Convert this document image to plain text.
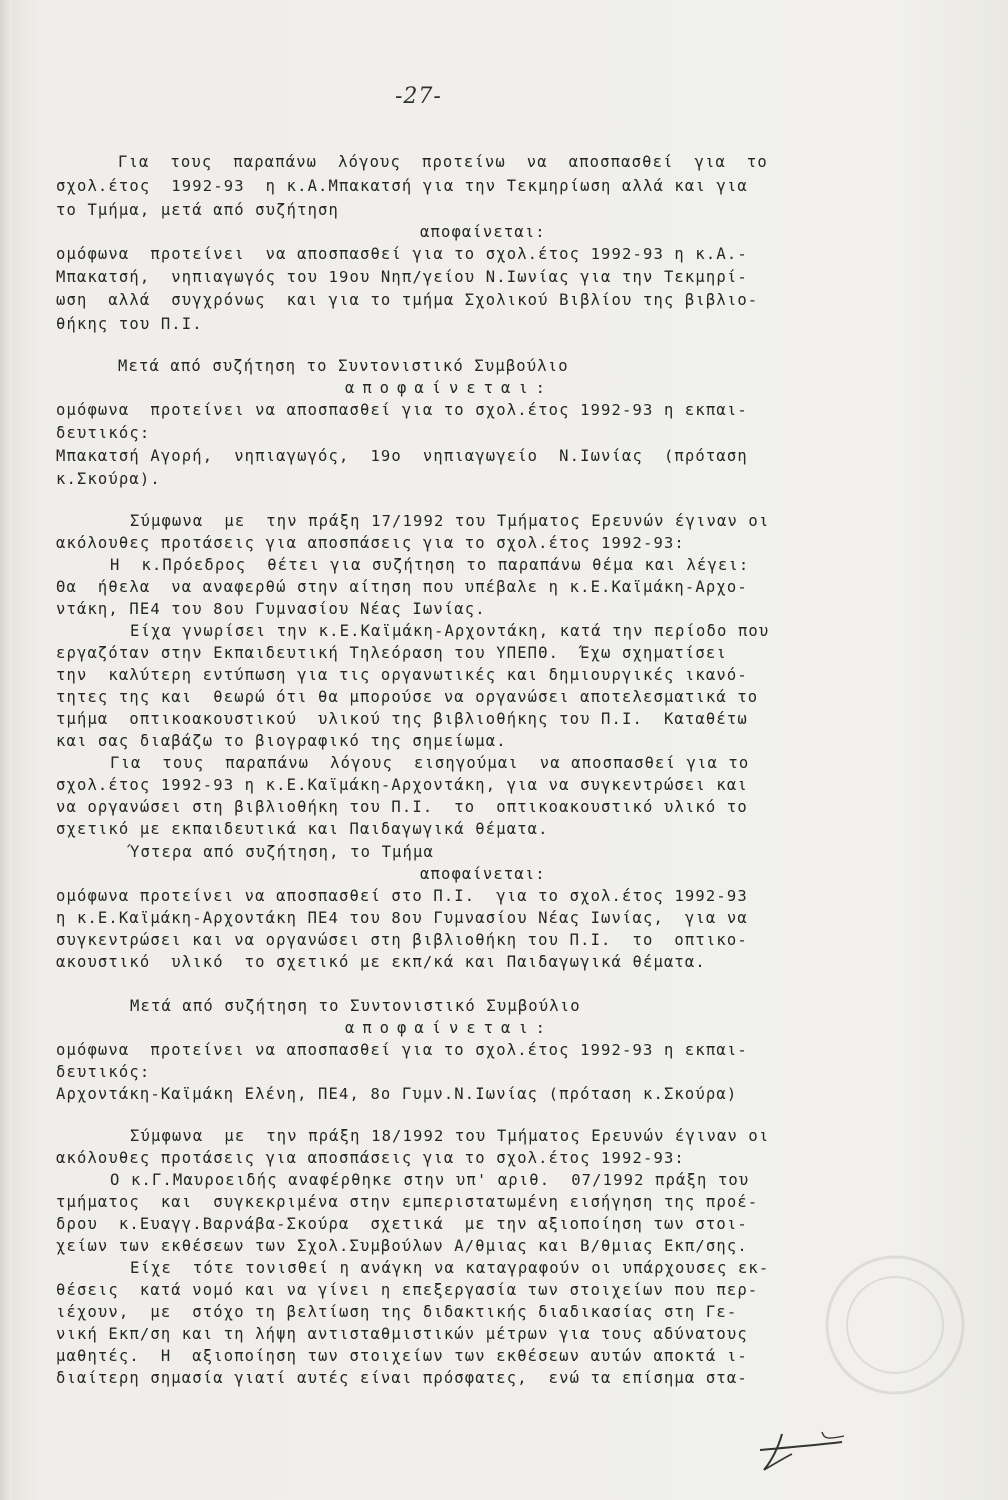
-27-
Για  τους  παραπάνω  λόγους  προτείνω  να  αποσπασθεί  για  το
σχολ.έτος  1992-93  η κ.Α.Μπακατσή για την Τεκμηρίωση αλλά και για
το Τμήμα, μετά από συζήτηση
αποφαίνεται:
ομόφωνα  προτείνει  να αποσπασθεί για το σχολ.έτος 1992-93 η κ.Α.-
Μπακατσή,  νηπιαγωγός του 19ου Νηπ/γείου Ν.Ιωνίας για την Τεκμηρί-
ωση  αλλά  συγχρόνως  και για το τμήμα Σχολικού Βιβλίου της βιβλιο-
θήκης του Π.Ι.
Μετά από συζήτηση το Συντονιστικό Συμβούλιο
αποφαίνεται:
ομόφωνα  προτείνει να αποσπασθεί για το σχολ.έτος 1992-93 η εκπαι-
δευτικός:
Μπακατσή Αγορή,  νηπιαγωγός,  19ο  νηπιαγωγείο  Ν.Ιωνίας  (πρόταση
κ.Σκούρα).
Σύμφωνα  με  την πράξη 17/1992 του Τμήματος Ερευνών έγιναν οι
ακόλουθες προτάσεις για αποσπάσεις για το σχολ.έτος 1992-93:
Η  κ.Πρόεδρος  θέτει για συζήτηση το παραπάνω θέμα και λέγει:
Θα  ήθελα  να αναφερθώ στην αίτηση που υπέβαλε η κ.Ε.Καϊμάκη-Αρχο-
ντάκη, ΠΕ4 του 8ου Γυμνασίου Νέας Ιωνίας.
Είχα γνωρίσει την κ.Ε.Καϊμάκη-Αρχοντάκη, κατά την περίοδο που
εργαζόταν στην Εκπαιδευτική Τηλεόραση του ΥΠΕΠΘ.  Έχω σχηματίσει
την  καλύτερη εντύπωση για τις οργανωτικές και δημιουργικές ικανό-
τητες της και  θεωρώ ότι θα μπορούσε να οργανώσει αποτελεσματικά το
τμήμα  οπτικοακουστικού  υλικού της βιβλιοθήκης του Π.Ι.  Καταθέτω
και σας διαβάζω το βιογραφικό της σημείωμα.
Για  τους  παραπάνω  λόγους  εισηγούμαι  να αποσπασθεί για το
σχολ.έτος 1992-93 η κ.Ε.Καϊμάκη-Αρχοντάκη, για να συγκεντρώσει και
να οργανώσει στη βιβλιοθήκη του Π.Ι.  το  οπτικοακουστικό υλικό το
σχετικό με εκπαιδευτικά και Παιδαγωγικά θέματα.
Ύστερα από συζήτηση, το Τμήμα
αποφαίνεται:
ομόφωνα προτείνει να αποσπασθεί στο Π.Ι.  για το σχολ.έτος 1992-93
η κ.Ε.Καϊμάκη-Αρχοντάκη ΠΕ4 του 8ου Γυμνασίου Νέας Ιωνίας,  για να
συγκεντρώσει και να οργανώσει στη βιβλιοθήκη του Π.Ι.  το  οπτικο-
ακουστικό  υλικό  το σχετικό με εκπ/κά και Παιδαγωγικά θέματα.
Μετά από συζήτηση το Συντονιστικό Συμβούλιο
αποφαίνεται:
ομόφωνα  προτείνει να αποσπασθεί για το σχολ.έτος 1992-93 η εκπαι-
δευτικός:
Αρχοντάκη-Καϊμάκη Ελένη, ΠΕ4, 8ο Γυμν.Ν.Ιωνίας (πρόταση κ.Σκούρα)
Σύμφωνα  με  την πράξη 18/1992 του Τμήματος Ερευνών έγιναν οι
ακόλουθες προτάσεις για αποσπάσεις για το σχολ.έτος 1992-93:
Ο κ.Γ.Μαυροειδής αναφέρθηκε στην υπ' αριθ.  07/1992 πράξη του
τμήματος  και  συγκεκριμένα στην εμπεριστατωμένη εισήγηση της προέ-
δρου  κ.Ευαγγ.Βαρνάβα-Σκούρα  σχετικά  με την αξιοποίηση των στοι-
χείων των εκθέσεων των Σχολ.Συμβούλων Α/θμιας και Β/θμιας Εκπ/σης.
Είχε  τότε τονισθεί η ανάγκη να καταγραφούν οι υπάρχουσες εκ-
θέσεις  κατά νομό και να γίνει η επεξεργασία των στοιχείων που περ-
ιέχουν,  με  στόχο τη βελτίωση της διδακτικής διαδικασίας στη Γε-
νική Εκπ/ση και τη λήψη αντισταθμιστικών μέτρων για τους αδύνατους
μαθητές.  Η  αξιοποίηση των στοιχείων των εκθέσεων αυτών αποκτά ι-
διαίτερη σημασία γιατί αυτές είναι πρόσφατες,  ενώ τα επίσημα στα-
